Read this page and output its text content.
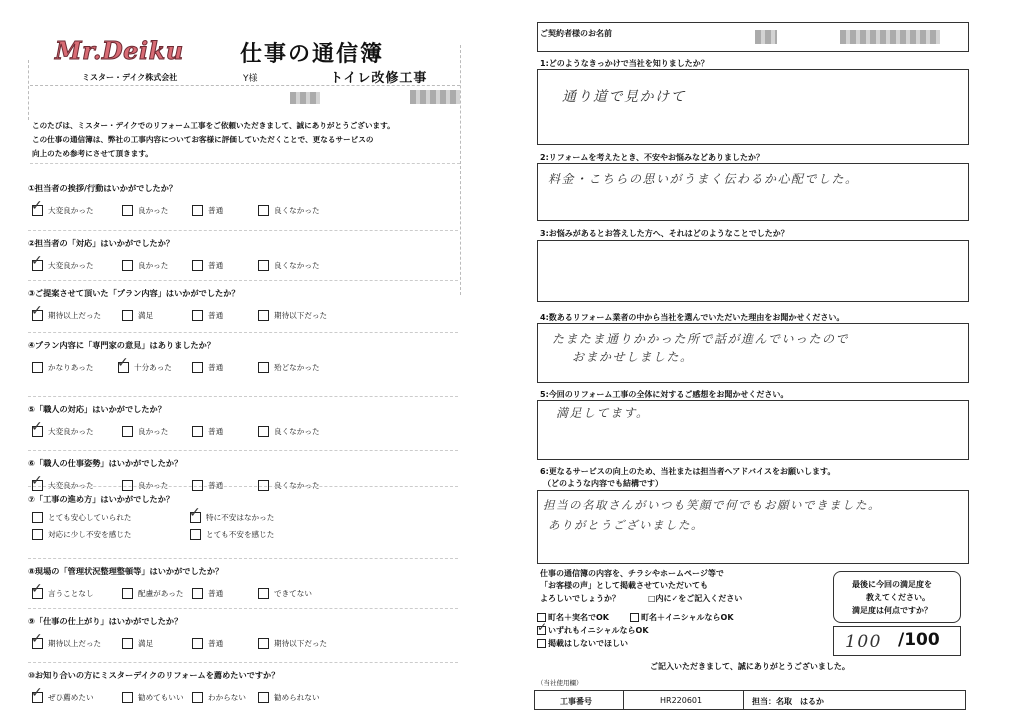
Mr.Deiku	仕事の通信簿
ミスター・デイク株式会社	Y様	トイレ改修工事
このたびは、ミスター・デイクでのリフォーム工事をご依頼いただきまして、誠にありがとうございます。
この仕事の通信簿は、弊社の工事内容についてお客様に評価していただくことで、更なるサービスの
向上のため参考にさせて頂きます。
①担当者の挨拶/行動はいかがでしたか？
✓ 大変良かった	良かった	普通	良くなかった
②担当者の「対応」はいかがでしたか？
✓ 大変良かった	良かった	普通	良くなかった
③ご提案させて頂いた「プラン内容」はいかがでしたか？
✓ 期待以上だった	満足	普通	期待以下だった
④プラン内容に「専門家の意見」はありましたか？
かなりあった ✓ 十分あった	普通	殆どなかった
⑤「職人の対応」はいかがでしたか？
✓ 大変良かった	良かった	普通	良くなかった
⑥「職人の仕事姿勢」はいかがでしたか？
✓ 大変良かった	良かった	普通	良くなかった
⑦「工事の進め方」はいかがでしたか？
とても安心していられた	✓ 特に不安はなかった
対応に少し不安を感じた	とても不安を感じた
⑧現場の「管理状況整理整頓等」はいかがでしたか？
✓ 言うことなし	配慮があった	普通	できてない
⑨「仕事の仕上がり」はいかがでしたか？
✓ 期待以上だった	満足	普通	期待以下だった
⑩お知り合いの方にミスターデイクのリフォームを薦めたいですか？
✓ ぜひ薦めたい	勧めてもいい	わからない	勧められない
ご契約者様のお名前
1:どのようなきっかけで当社を知りましたか？
通り道で見かけて
2:リフォームを考えたとき、不安やお悩みなどありましたか？
料金・こちらの思いがうまく伝わるか心配でした。
3:お悩みがあるとお答えした方へ、それはどのようなことでしたか？
4:数あるリフォーム業者の中から当社を選んでいただいた理由をお聞かせください。
たまたま通りかかった所で話が進んでいったので
おまかせしました。
5:今回のリフォーム工事の全体に対するご感想をお聞かせください。
満足してます。
6:更なるサービスの向上のため、当社または担当者へアドバイスをお願いします。
（どのような内容でも結構です）
担当の名取さんがいつも笑顔で何でもお願いできました。
ありがとうございました。
仕事の通信簿の内容を、チラシやホームページ等で
「お客様の声」として掲載させていただいても
よろしいでしょうか？	□内に✓をご記入ください
町名＋実名でOK	町名＋イニシャルならOK
✓ いずれもイニシャルならOK
掲載はしないでほしい
最後に今回の満足度を
教えてください。
満足度は何点ですか？
100 /100
ご記入いただきまして、誠にありがとうございました。
（当社使用欄）
工事番号	HR220601	担当：名取　はるか
